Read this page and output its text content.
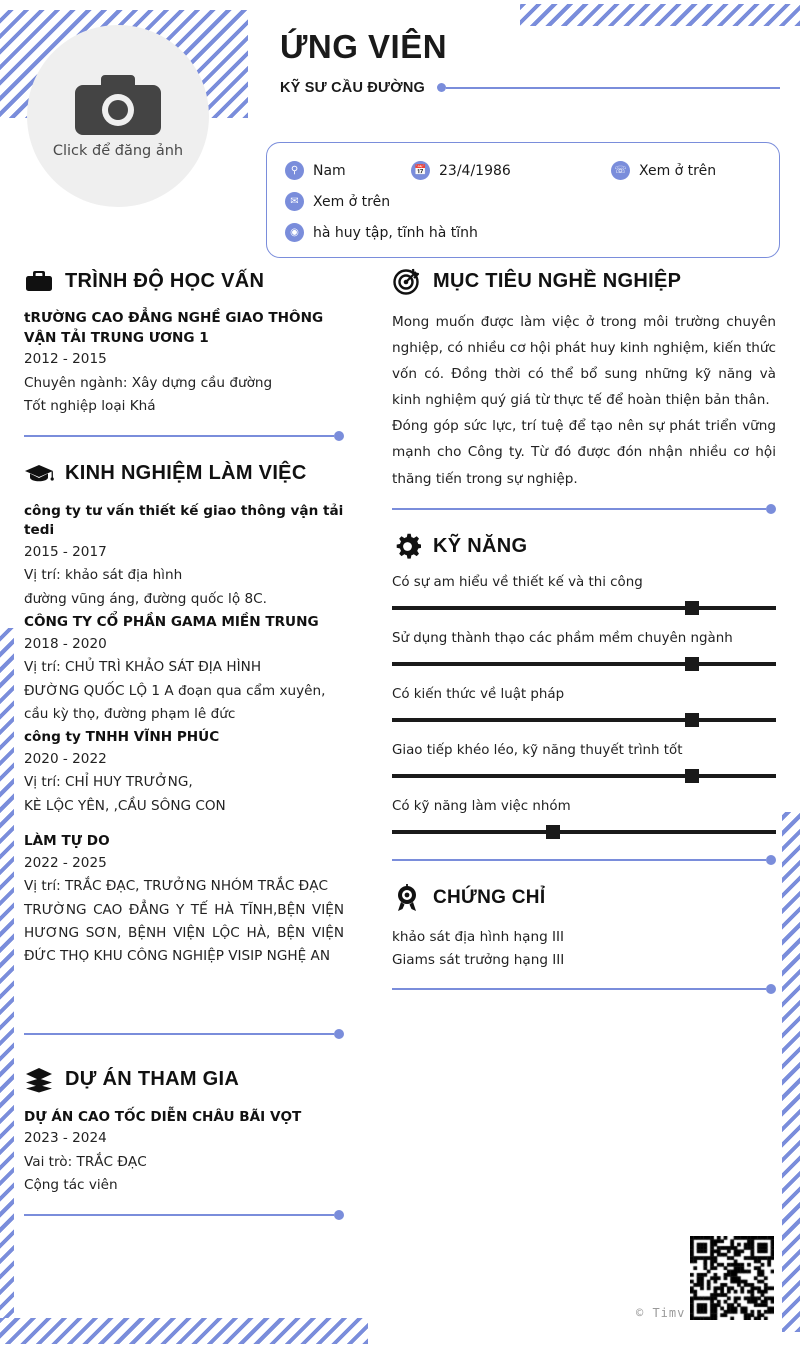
Click để đăng ảnh
ỨNG VIÊN
KỸ SƯ CẦU ĐƯỜNG
⚲	Nam	📅 23/4/1986	☏ Xem ở trên
✉	Xem ở trên
◉	hà huy tập, tĩnh hà tĩnh
TRÌNH ĐỘ HỌC VẤN
tRƯỜNG CAO ĐẲNG NGHỀ GIAO THÔNG VẬN TẢI TRUNG ƯƠNG 1
2012 - 2015
Chuyên ngành: Xây dựng cầu đường
Tốt nghiệp loại Khá
KINH NGHIỆM LÀM VIỆC
công ty tư vấn thiết kế giao thông vận tải tedi
2015 - 2017
Vị trí: khảo sát địa hình
đường vũng áng, đường quốc lộ 8C.
CÔNG TY CỔ PHẦN GAMA MIỀN TRUNG
2018 - 2020
Vị trí: CHỦ TRÌ KHẢO SÁT ĐỊA HÌNH
ĐƯỜNG QUỐC LỘ 1 A đoạn qua cẩm xuyên, cầu kỳ thọ, đường phạm lê đức
công ty TNHH VĨNH PHÚC
2020 - 2022
Vị trí: CHỈ HUY TRƯỞNG,
KÈ LỘC YÊN, ,CẦU SÔNG CON
LÀM TỰ DO
2022 - 2025
Vị trí: TRẮC ĐẠC, TRƯỞNG NHÓM TRẮC ĐẠC
TRƯỜNG CAO ĐẲNG Y TẾ HÀ TĨNH,BỆN VIỆN HƯƠNG SƠN, BỆNH VIỆN LỘC HÀ, BỆN VIỆN ĐỨC THỌ KHU CÔNG NGHIỆP VISIP NGHỆ AN
DỰ ÁN THAM GIA
DỰ ÁN CAO TỐC DIỄN CHÂU BÃI VỌT
2023 - 2024
Vai trò: TRẮC ĐẠC
Cộng tác viên
MỤC TIÊU NGHỀ NGHIỆP
Mong muốn được làm việc ở trong môi trường chuyên nghiệp, có nhiều cơ hội phát huy kinh nghiệm, kiến thức vốn có. Đồng thời có thể bổ sung những kỹ năng và kinh nghiệm quý giá từ thực tế để hoàn thiện bản thân.
Đóng góp sức lực, trí tuệ để tạo nên sự phát triển vững mạnh cho Công ty. Từ đó được đón nhận nhiều cơ hội thăng tiến trong sự nghiệp.
KỸ NĂNG
Có sự am hiểu về thiết kế và thi công
Sử dụng thành thạo các phầm mềm chuyên ngành
Có kiến thức về luật pháp
Giao tiếp khéo léo, kỹ năng thuyết trình tốt
Có kỹ năng làm việc nhóm
CHỨNG CHỈ
khảo sát địa hình hạng III
Giams sát trưởng hạng III
© Timv
